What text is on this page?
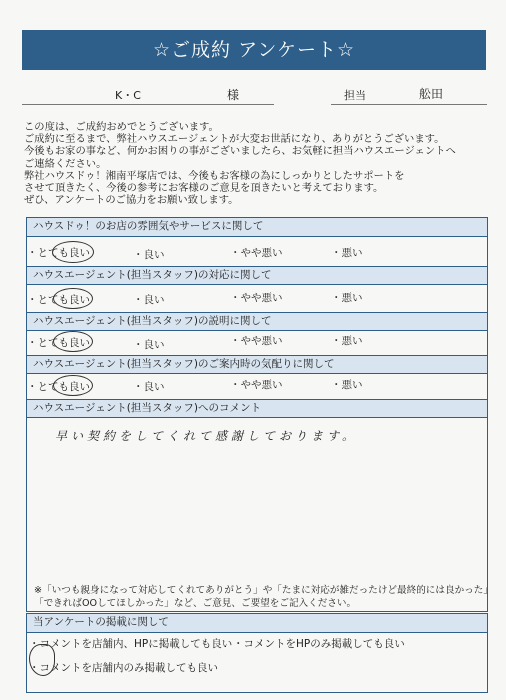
☆ご成約 アンケート☆
K・C	様	担当	舩田
この度は、ご成約おめでとうございます。
ご成約に至るまで、弊社ハウスエージェントが大変お世話になり、ありがとうございます。
今後もお家の事など、何かお困りの事がございましたら、お気軽に担当ハウスエージェントへ
ご連絡ください。
弊社ハウスドゥ！湘南平塚店では、今後もお客様の為にしっかりとしたサポートを
させて頂きたく、今後の参考にお客様のご意見を頂きたいと考えております。
ぜひ、アンケートのご協力をお願い致します。
ハウスドゥ！のお店の雰囲気やサービスに関して
・とても良い	・良い	・やや悪い	・悪い
ハウスエージェント(担当スタッフ)の対応に関して
・とても良い	・良い	・やや悪い	・悪い
ハウスエージェント(担当スタッフ)の説明に関して
・とても良い	・良い	・やや悪い	・悪い
ハウスエージェント(担当スタッフ)のご案内時の気配りに関して
・とても良い	・良い	・やや悪い	・悪い
ハウスエージェント(担当スタッフ)へのコメント
早い契約をしてくれて感謝しております。
※「いつも親身になって対応してくれてありがとう」や「たまに対応が雑だったけど最終的には良かった」
「できればOOしてほしかった」など、ご意見、ご要望をご記入ください。
当アンケートの掲載に関して
・コメントを店舗内、HPに掲載しても良い ・コメントをHPのみ掲載しても良い
・コメントを店舗内のみ掲載しても良い
